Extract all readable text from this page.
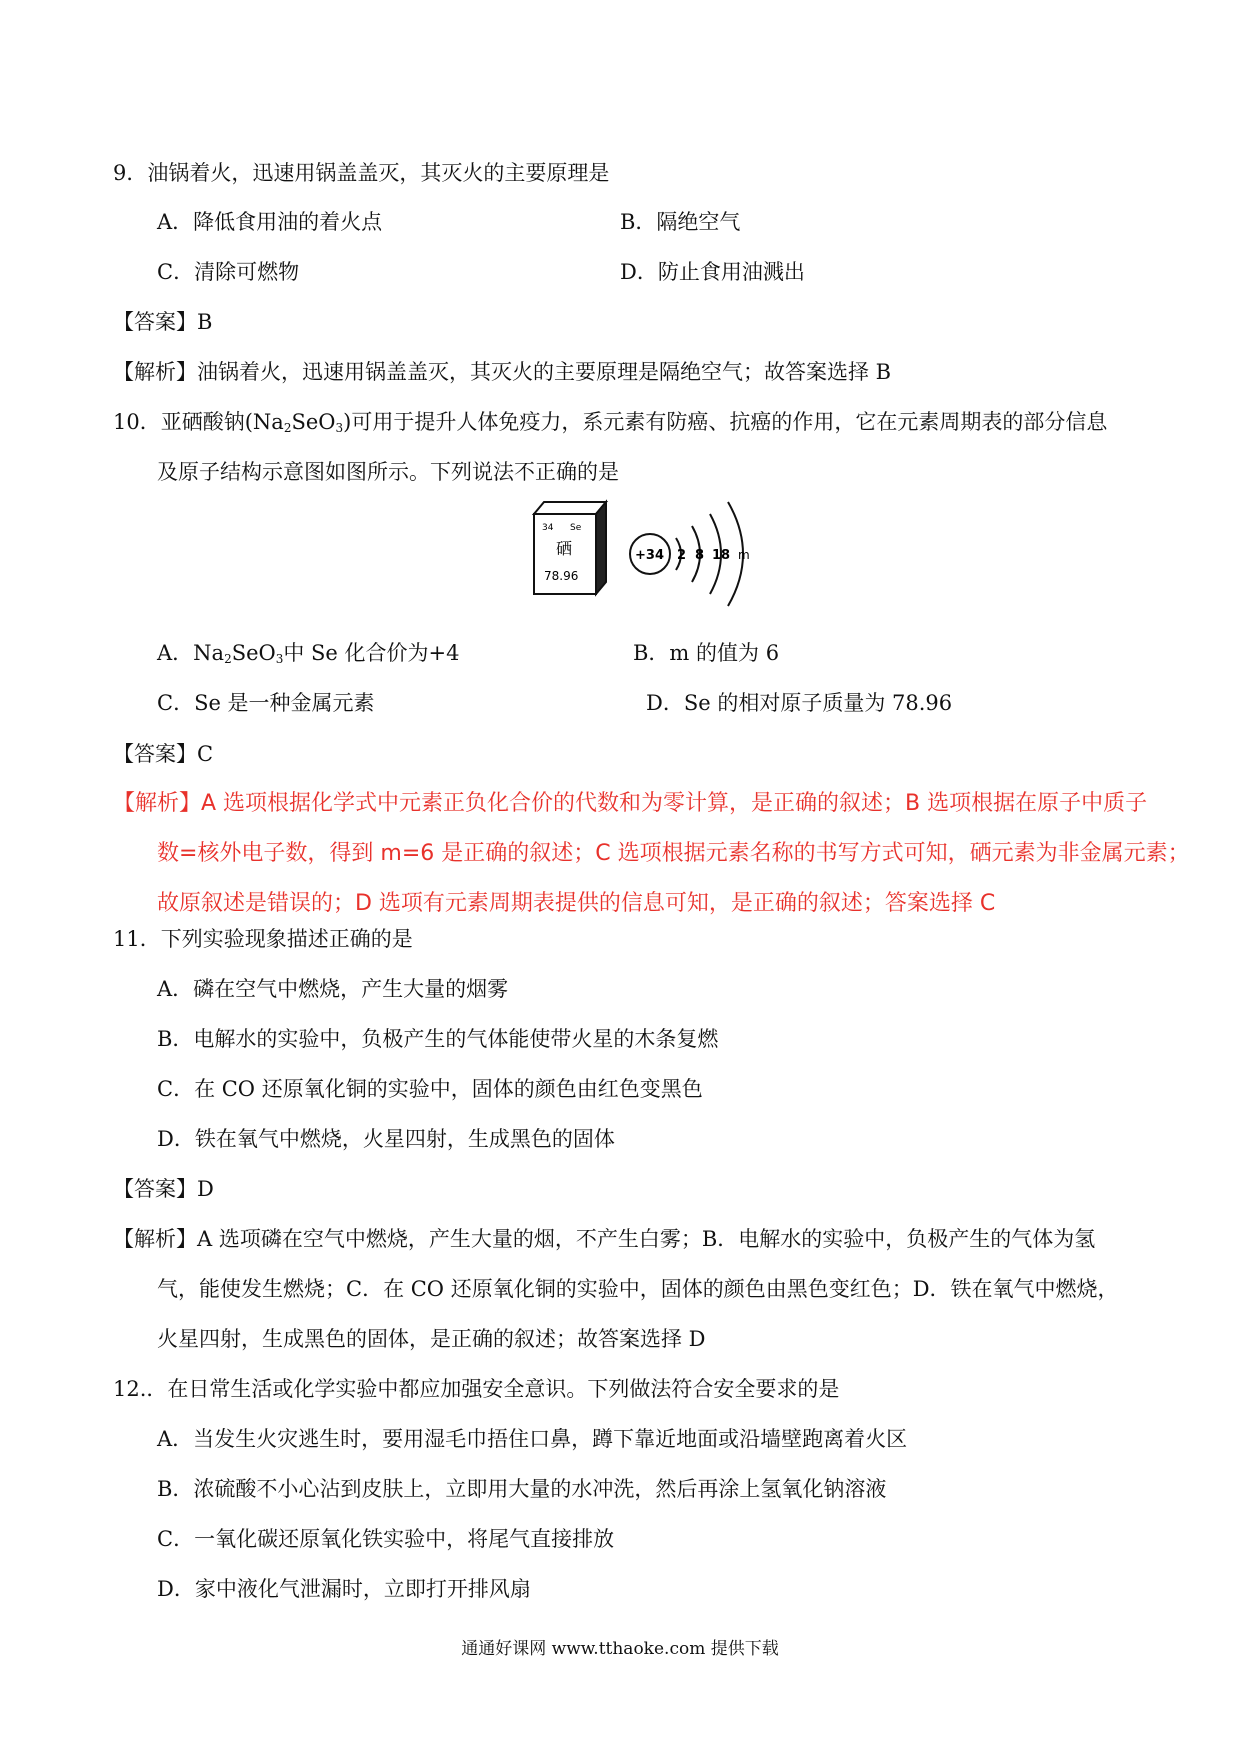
9．油锅着火，迅速用锅盖盖灭，其灭火的主要原理是
A．降低食用油的着火点	B．隔绝空气
C．清除可燃物	D．防止食用油溅出
【答案】B
【解析】油锅着火，迅速用锅盖盖灭，其灭火的主要原理是隔绝空气；故答案选择 B
10．亚硒酸钠$(Na_2SeO_3)$可用于提升人体免疫力，系元素有防癌、抗癌的作用，它在元素周期表的部分信息
及原子结构示意图如图所示。下列说法不正确的是
34 Se
硒
78.96
+34 2 8 18 m
A．$Na_2SeO_3$中 Se 化合价为+4	B．m 的值为 6
C．Se 是一种金属元素	D．Se 的相对原子质量为 78.96
【答案】C
【解析】A 选项根据化学式中元素正负化合价的代数和为零计算，是正确的叙述；B 选项根据在原子中质子
数=核外电子数，得到 m=6 是正确的叙述；C 选项根据元素名称的书写方式可知，硒元素为非金属元素；
故原叙述是错误的；D 选项有元素周期表提供的信息可知，是正确的叙述；答案选择 C
11．下列实验现象描述正确的是
A．磷在空气中燃烧，产生大量的烟雾
B．电解水的实验中，负极产生的气体能使带火星的木条复燃
C．在 CO 还原氧化铜的实验中，固体的颜色由红色变黑色
D．铁在氧气中燃烧，火星四射，生成黑色的固体
【答案】D
【解析】A 选项磷在空气中燃烧，产生大量的烟，不产生白雾；B．电解水的实验中，负极产生的气体为氢
气，能使发生燃烧；C．在 CO 还原氧化铜的实验中，固体的颜色由黑色变红色；D．铁在氧气中燃烧，
火星四射，生成黑色的固体，是正确的叙述；故答案选择 D
12.．在日常生活或化学实验中都应加强安全意识。下列做法符合安全要求的是
A．当发生火灾逃生时，要用湿毛巾捂住口鼻，蹲下靠近地面或沿墙壁跑离着火区
B．浓硫酸不小心沾到皮肤上，立即用大量的水冲洗，然后再涂上氢氧化钠溶液
C．一氧化碳还原氧化铁实验中，将尾气直接排放
D．家中液化气泄漏时，立即打开排风扇
通通好课网 www.tthaoke.com 提供下载
